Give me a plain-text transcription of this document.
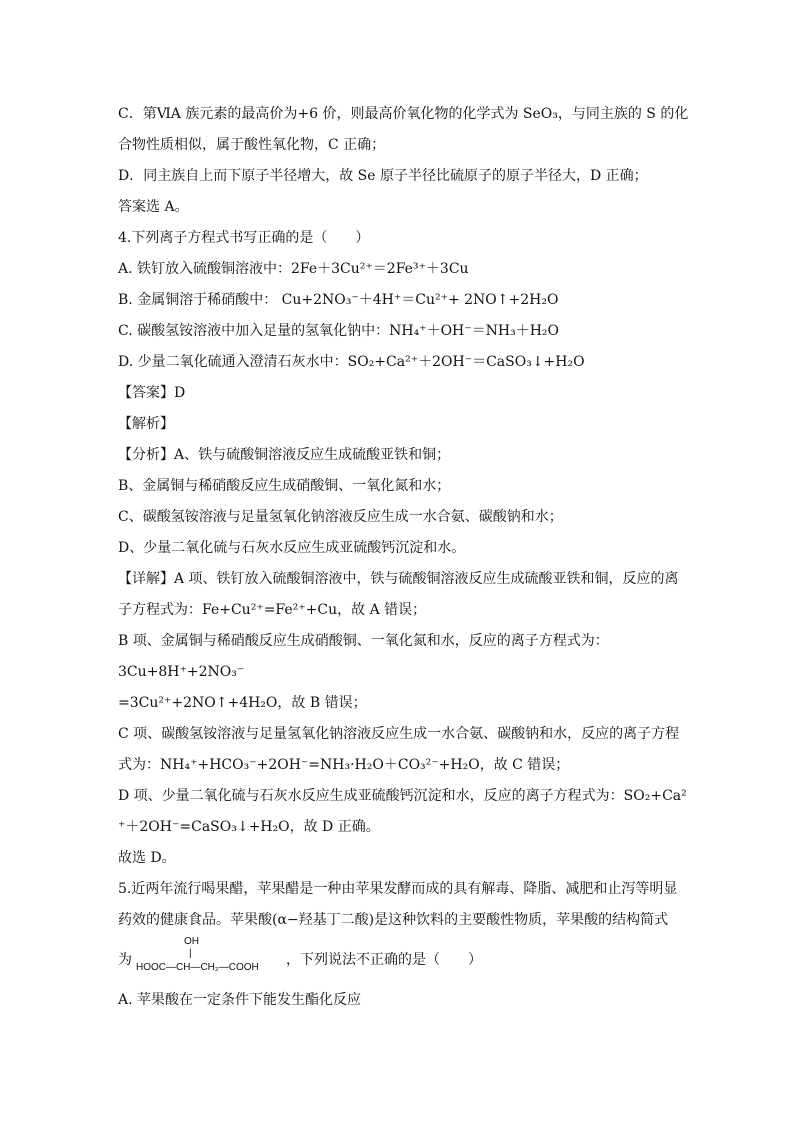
C．第ⅥA 族元素的最高价为+6 价，则最高价氧化物的化学式为 SeO₃，与同主族的 S 的化
合物性质相似，属于酸性氧化物，C 正确；
D．同主族自上而下原子半径增大，故 Se 原子半径比硫原子的原子半径大，D 正确；
答案选 A。
4.下列离子方程式书写正确的是（　　）
A. 铁钉放入硫酸铜溶液中：2Fe＋3Cu²⁺＝2Fe³⁺＋3Cu
B. 金属铜溶于稀硝酸中： Cu+2NO₃⁻＋4H⁺＝Cu²⁺+ 2NO↑+2H₂O
C. 碳酸氢铵溶液中加入足量的氢氧化钠中：NH₄⁺＋OH⁻＝NH₃＋H₂O
D. 少量二氧化硫通入澄清石灰水中：SO₂+Ca²⁺＋2OH⁻＝CaSO₃↓+H₂O
【答案】D
【解析】
【分析】A、铁与硫酸铜溶液反应生成硫酸亚铁和铜；
B、金属铜与稀硝酸反应生成硝酸铜、一氧化氮和水；
C、碳酸氢铵溶液与足量氢氧化钠溶液反应生成一水合氨、碳酸钠和水；
D、少量二氧化硫与石灰水反应生成亚硫酸钙沉淀和水。
【详解】A 项、铁钉放入硫酸铜溶液中，铁与硫酸铜溶液反应生成硫酸亚铁和铜，反应的离
子方程式为：Fe+Cu²⁺=Fe²⁺+Cu，故 A 错误；
B 项、金属铜与稀硝酸反应生成硝酸铜、一氧化氮和水，反应的离子方程式为：
3Cu+8H⁺+2NO₃⁻
=3Cu²⁺+2NO↑+4H₂O，故 B 错误；
C 项、碳酸氢铵溶液与足量氢氧化钠溶液反应生成一水合氨、碳酸钠和水，反应的离子方程
式为：NH₄⁺+HCO₃⁻+2OH⁻=NH₃·H₂O＋CO₃²⁻+H₂O，故 C 错误；
D 项、少量二氧化硫与石灰水反应生成亚硫酸钙沉淀和水，反应的离子方程式为：SO₂+Ca²
⁺＋2OH⁻=CaSO₃↓+H₂O，故 D 正确。
故选 D。
5.近两年流行喝果醋，苹果醋是一种由苹果发酵而成的具有解毒、降脂、减肥和止泻等明显
药效的健康食品。苹果酸(α−羟基丁二酸)是这种饮料的主要酸性物质，苹果酸的结构简式
为
OH
|
HOOC—CH—CH₂—COOH ，下列说法不正确的是（　　）
A. 苹果酸在一定条件下能发生酯化反应
